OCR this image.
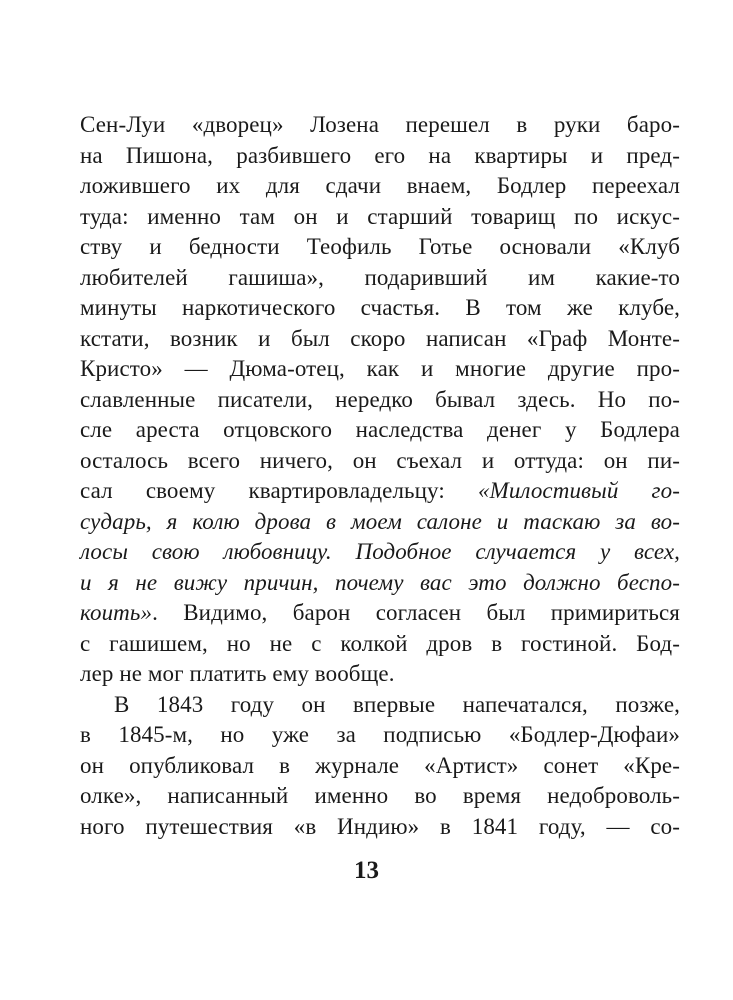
Сен-Луи «дворец» Лозена перешел в руки баро-
на Пишона, разбившего его на квартиры и пред-
ложившего их для сдачи внаем, Бодлер переехал
туда: именно там он и старший товарищ по искус-
ству и бедности Теофиль Готье основали «Клуб
любителей гашиша», подаривший им какие-то
минуты наркотического счастья. В том же клубе,
кстати, возник и был скоро написан «Граф Монте-
Кристо» — Дюма-отец, как и многие другие про-
славленные писатели, нередко бывал здесь. Но по-
сле ареста отцовского наследства денег у Бодлера
осталось всего ничего, он съехал и оттуда: он пи-
сал своему квартировладельцу: «Милостивый го-
сударь, я колю дрова в моем салоне и таскаю за во-
лосы свою любовницу. Подобное случается у всех,
и я не вижу причин, почему вас это должно беспо-
коить». Видимо, барон согласен был примириться
с гашишем, но не с колкой дров в гостиной. Бод-
лер не мог платить ему вообще.
В 1843 году он впервые напечатался, позже,
в 1845-м, но уже за подписью «Бодлер-Дюфаи»
он опубликовал в журнале «Артист» сонет «Кре-
олке», написанный именно во время недоброволь-
ного путешествия «в Индию» в 1841 году, — со-
13
